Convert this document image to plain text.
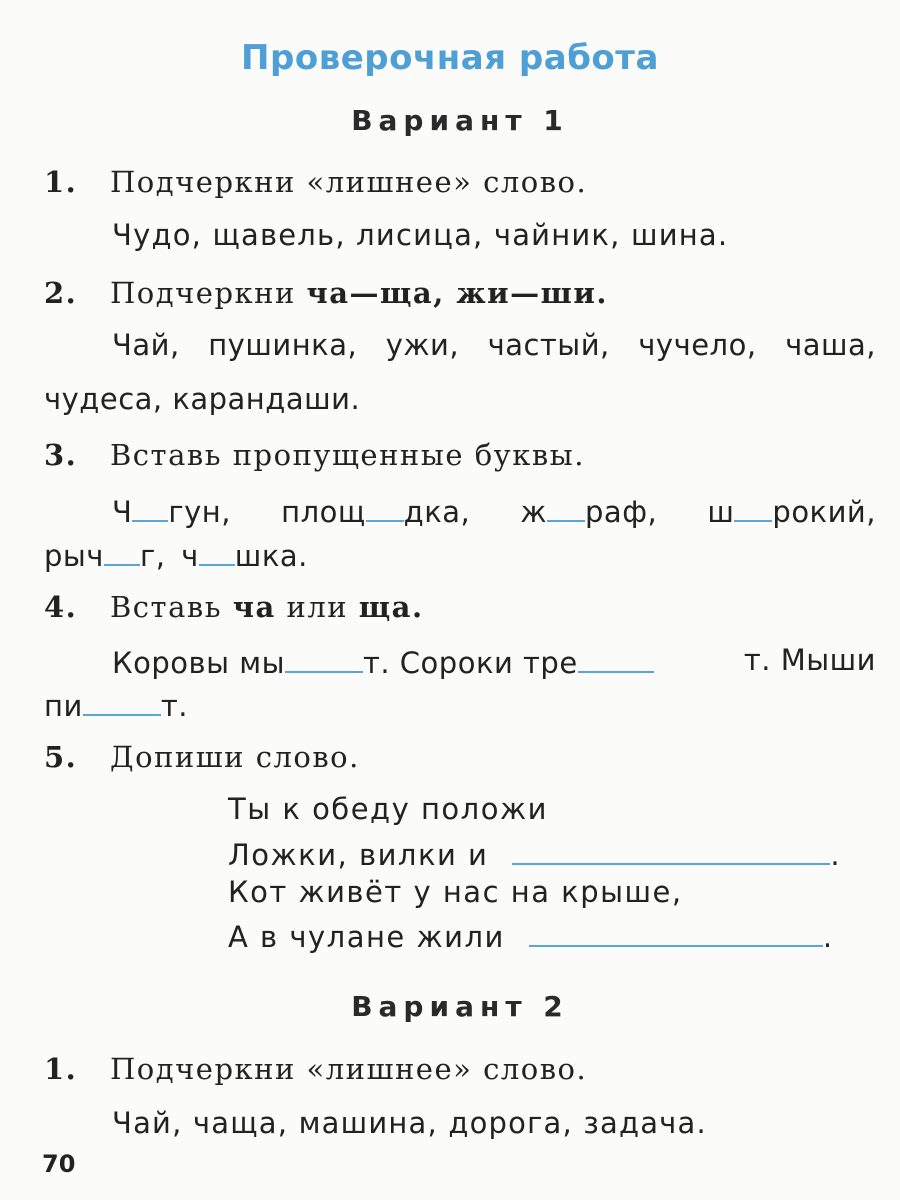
Проверочная работа
Вариант 1
1. Подчеркни «лишнее» слово.
Чудо, щавель, лисица, чайник, шина.
2. Подчеркни ча—ща, жи—ши.
Чай, пушинка, ужи, частый, чучело, чаша,
чудеса, карандаши.
3. Вставь пропущенные буквы.
Ч гун, площ дка, ж раф, ш рокий,
рыч г, ч шка.
4. Вставь ча или ща.
Коровы мы	т. Сороки тре	т. Мыши
пи	т.
5. Допиши слово.
Ты к обеду положи
Ложки, вилки и	.
Кот живёт у нас на крыше,
А в чулане жили	.
Вариант 2
1. Подчеркни «лишнее» слово.
Чай, чаща, машина, дорога, задача.
70
